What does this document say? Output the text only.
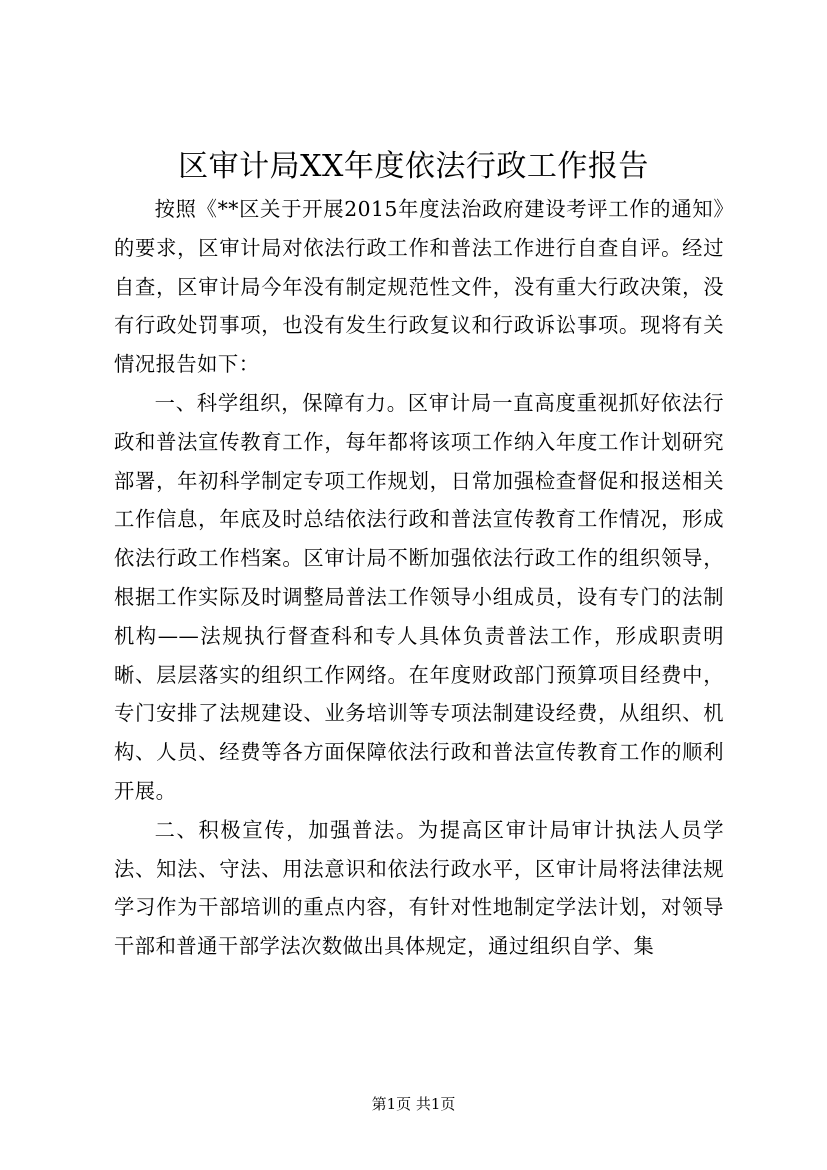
区审计局XX年度依法行政工作报告

按照《**区关于开展2015年度法治政府建设考评工作的通知》的要求，区审计局对依法行政工作和普法工作进行自查自评。经过自查，区审计局今年没有制定规范性文件，没有重大行政决策，没有行政处罚事项，也没有发生行政复议和行政诉讼事项。现将有关情况报告如下：

一、科学组织，保障有力。区审计局一直高度重视抓好依法行政和普法宣传教育工作，每年都将该项工作纳入年度工作计划研究部署，年初科学制定专项工作规划，日常加强检查督促和报送相关工作信息，年底及时总结依法行政和普法宣传教育工作情况，形成依法行政工作档案。区审计局不断加强依法行政工作的组织领导，根据工作实际及时调整局普法工作领导小组成员，设有专门的法制机构——法规执行督查科和专人具体负责普法工作，形成职责明晰、层层落实的组织工作网络。在年度财政部门预算项目经费中，专门安排了法规建设、业务培训等专项法制建设经费，从组织、机构、人员、经费等各方面保障依法行政和普法宣传教育工作的顺利开展。

二、积极宣传，加强普法。为提高区审计局审计执法人员学法、知法、守法、用法意识和依法行政水平，区审计局将法律法规学习作为干部培训的重点内容，有针对性地制定学法计划，对领导干部和普通干部学法次数做出具体规定，通过组织自学、集

第1页 共1页
